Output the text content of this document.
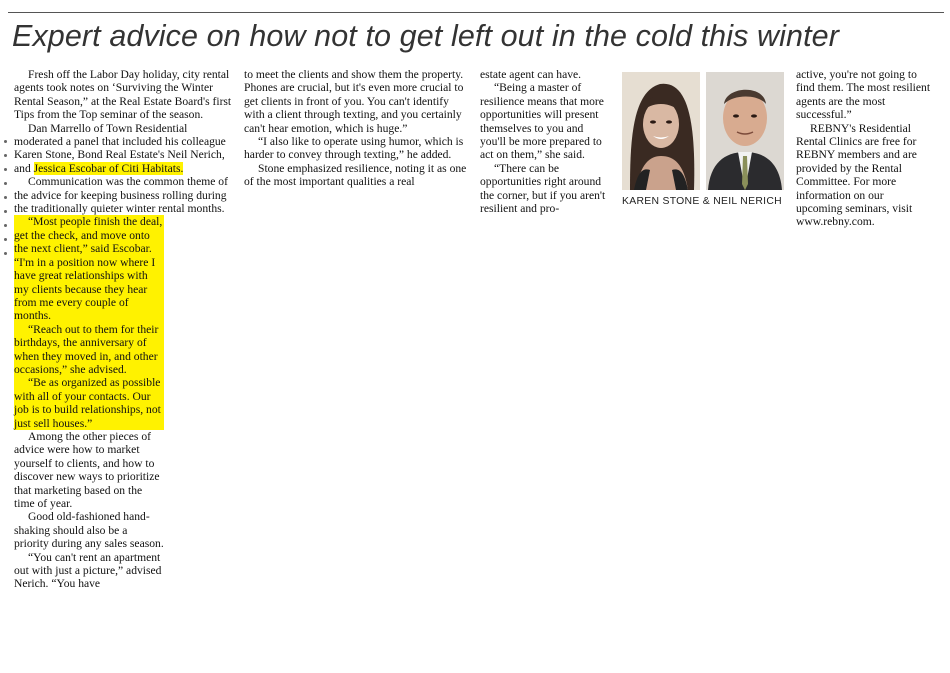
Expert advice on how not to get left out in the cold this winter

Fresh off the Labor Day holiday, city rental agents took notes on ‘Surviving the Winter Rental Season,” at the Real Estate Board's first Tips from the Top seminar of the season.

Dan Marrello of Town Residential moderated a panel that included his colleague Karen Stone, Bond Real Estate's Neil Nerich, and Jessica Escobar of Citi Habitats.

Communication was the common theme of the advice for keeping business rolling during the traditionally quieter winter rental months.

“Most people finish the deal, get the check, and move onto the next client,” said Escobar. “I'm in a position now where I have great relationships with my clients because they hear from me every couple of months.

“Reach out to them for their birthdays, the anniversary of when they moved in, and other occasions,” she advised.

“Be as organized as possible with all of your contacts. Our job is to build relationships, not just sell houses.”

Among the other pieces of advice were how to market yourself to clients, and how to discover new ways to prioritize that marketing based on the time of year.

Good old-fashioned hand-shaking should also be a priority during any sales season.

“You can't rent an apartment out with just a picture,” advised Nerich. “You have

to meet the clients and show them the property. Phones are crucial, but it's even more crucial to get clients in front of you. You can't identify with a client through texting, and you certainly can't hear emotion, which is huge.”

“I also like to operate using humor, which is harder to convey through texting,” he added.

Stone emphasized resilience, noting it as one of the most important qualities a real

estate agent can have.

“Being a master of resilience means that more opportunities will present themselves to you and you'll be more prepared to act on them,” she said.

“There can be opportunities right around the corner, but if you aren't resilient and pro-

KAREN STONE & NEIL NERICH

active, you're not going to find them. The most resilient agents are the most successful.”

REBNY's Residential Rental Clinics are free for REBNY members and are provided by the Rental Committee. For more information on our upcoming seminars, visit www.rebny.com.
